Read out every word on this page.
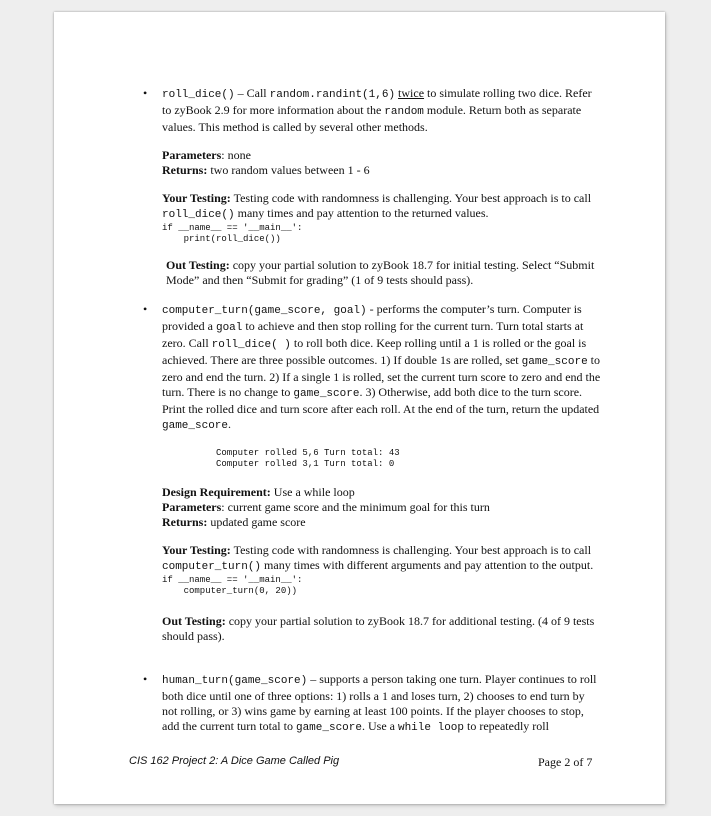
• roll_dice() – Call random.randint(1,6) twice to simulate rolling two dice. Refer to zyBook 2.9 for more information about the random module. Return both as separate values. This method is called by several other methods.

Parameters: none

Returns: two random values between 1 - 6

Your Testing: Testing code with randomness is challenging. Your best approach is to call roll_dice() many times and pay attention to the returned values.

if __name__ == '__main__':
print(roll_dice())

Out Testing: copy your partial solution to zyBook 18.7 for initial testing. Select “Submit Mode” and then “Submit for grading” (1 of 9 tests should pass).

• computer_turn(game_score, goal) - performs the computer’s turn. Computer is provided a goal to achieve and then stop rolling for the current turn. Turn total starts at zero. Call roll_dice( ) to roll both dice. Keep rolling until a 1 is rolled or the goal is achieved. There are three possible outcomes. 1) If double 1s are rolled, set game_score to zero and end the turn. 2) If a single 1 is rolled, set the current turn score to zero and end the turn. There is no change to game_score. 3) Otherwise, add both dice to the turn score. Print the rolled dice and turn score after each roll. At the end of the turn, return the updated game_score.

Computer rolled 5,6 Turn total: 43
Computer rolled 3,1 Turn total: 0

Design Requirement: Use a while loop

Parameters: current game score and the minimum goal for this turn

Returns: updated game score

Your Testing: Testing code with randomness is challenging. Your best approach is to call computer_turn() many times with different arguments and pay attention to the output.

if __name__ == '__main__':
computer_turn(0, 20))

Out Testing: copy your partial solution to zyBook 18.7 for additional testing. (4 of 9 tests should pass).

• human_turn(game_score) – supports a person taking one turn. Player continues to roll both dice until one of three options: 1) rolls a 1 and loses turn, 2) chooses to end turn by not rolling, or 3) wins game by earning at least 100 points. If the player chooses to stop, add the current turn total to game_score. Use a while loop to repeatedly roll

CIS 162 Project 2: A Dice Game Called Pig	Page 2 of 7
